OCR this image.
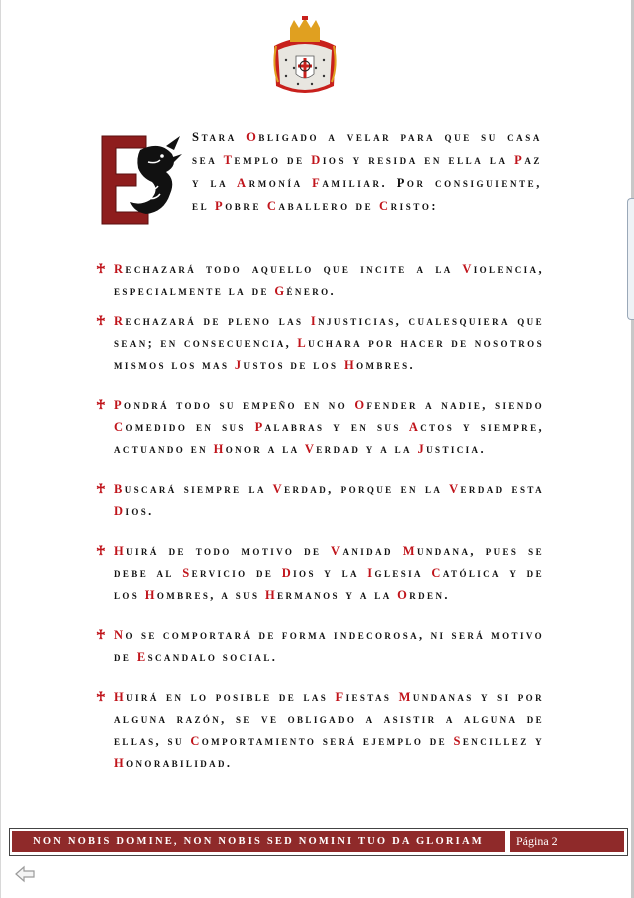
Stara Obligado a velar para que su casa sea Templo de Dios y resida en ella la Paz y la Armonía Familiar. Por consiguiente, el Pobre Caballero de Cristo:
♰ Rechazará todo aquello que incite a la Violencia, especialmente la de Género.
♰ Rechazará de pleno las Injusticias, cualesquiera que sean; en consecuencia, Luchara por hacer de nosotros mismos los mas Justos de los Hombres.
♰ Pondrá todo su empeño en no Ofender a nadie, siendo Comedido en sus Palabras y en sus Actos y siempre, actuando en Honor a la Verdad y a la Justicia.
♰ Buscará siempre la Verdad, porque en la Verdad esta Dios.
♰ Huirá de todo motivo de Vanidad Mundana, pues se debe al Servicio de Dios y la Iglesia Católica y de los Hombres, a sus Hermanos y a la Orden.
♰ No se comportará de forma indecorosa, ni será motivo de Escandalo social.
♰ Huirá en lo posible de las Fiestas Mundanas y si por alguna razón, se ve obligado a asistir a alguna de ellas, su Comportamiento será ejemplo de Sencillez y Honorabilidad.
NON NOBIS DOMINE, NON NOBIS SED NOMINI TUO DA GLORIAM	Página 2
